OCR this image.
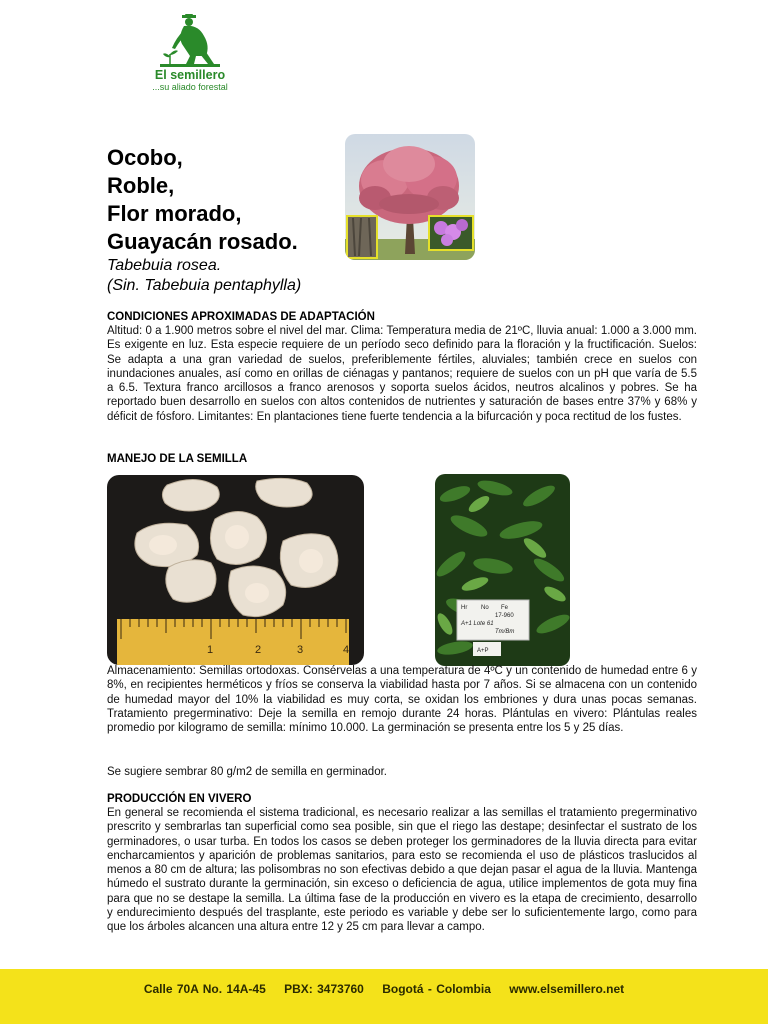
El semillero
...su aliado forestal
Ocobo,
Roble,
Flor morado,
Guayacán rosado.
Tabebuia rosea.
(Sin. Tabebuia pentaphylla)
CONDICIONES APROXIMADAS DE ADAPTACIÓN
Altitud: 0 a 1.900 metros sobre el nivel del mar. Clima: Temperatura media de 21ºC, lluvia anual: 1.000 a 3.000 mm. Es exigente en luz. Esta especie requiere de un período seco definido para la floración y la fructificación. Suelos: Se adapta a una gran variedad de suelos, preferiblemente fértiles, aluviales; también crece en suelos con inundaciones anuales, así como en orillas de ciénagas y pantanos; requiere de suelos con un pH que varía de 5.5 a 6.5. Textura franco arcillosos a franco arenosos y soporta suelos ácidos, neutros alcalinos y pobres. Se ha reportado buen desarrollo en suelos con altos contenidos de nutrientes y saturación de bases entre 37% y 68% y déficit de fósforo. Limitantes: En plantaciones tiene fuerte tendencia a la bifurcación y poca rectitud de los fustes.
MANEJO DE LA SEMILLA
1	2	3	4
Hr No Fe
17-960
A+1 Lote 61
Tm/Bm
A+P
Almacenamiento: Semillas ortodoxas. Consérvelas a una temperatura de 4ºC y un contenido de humedad entre 6 y 8%, en recipientes herméticos y fríos se conserva la viabilidad hasta por 7 años. Si se almacena con un contenido de humedad mayor del 10% la viabilidad es muy corta, se oxidan los embriones y dura unas pocas semanas. Tratamiento pregerminativo: Deje la semilla en remojo durante 24 horas. Plántulas en vivero: Plántulas reales promedio por kilogramo de semilla: mínimo 10.000. La germinación se presenta entre los 5 y 25 días.
Se sugiere sembrar 80 g/m2 de semilla en germinador.
PRODUCCIÓN EN VIVERO
En general se recomienda el sistema tradicional, es necesario realizar a las semillas el tratamiento pregerminativo prescrito y sembrarlas tan superficial como sea posible, sin que el riego las destape; desinfectar el sustrato de los germinadores, o usar turba. En todos los casos se deben proteger los germinadores de la lluvia directa para evitar encharcamientos y aparición de problemas sanitarios, para esto se recomienda el uso de plásticos traslucidos al menos a 80 cm de altura; las polisombras no son efectivas debido a que dejan pasar el agua de la lluvia. Mantenga húmedo el sustrato durante la germinación, sin exceso o deficiencia de agua, utilice implementos de gota muy fina para que no se destape la semilla. La última fase de la producción en vivero es la etapa de crecimiento, desarrollo y endurecimiento después del trasplante, este periodo es variable y debe ser lo suficientemente largo, como para que los árboles alcancen una altura entre 12 y 25 cm para llevar a campo.
Calle 70A No. 14A-45 PBX: 3473760 Bogotá - Colombia www.elsemillero.net
